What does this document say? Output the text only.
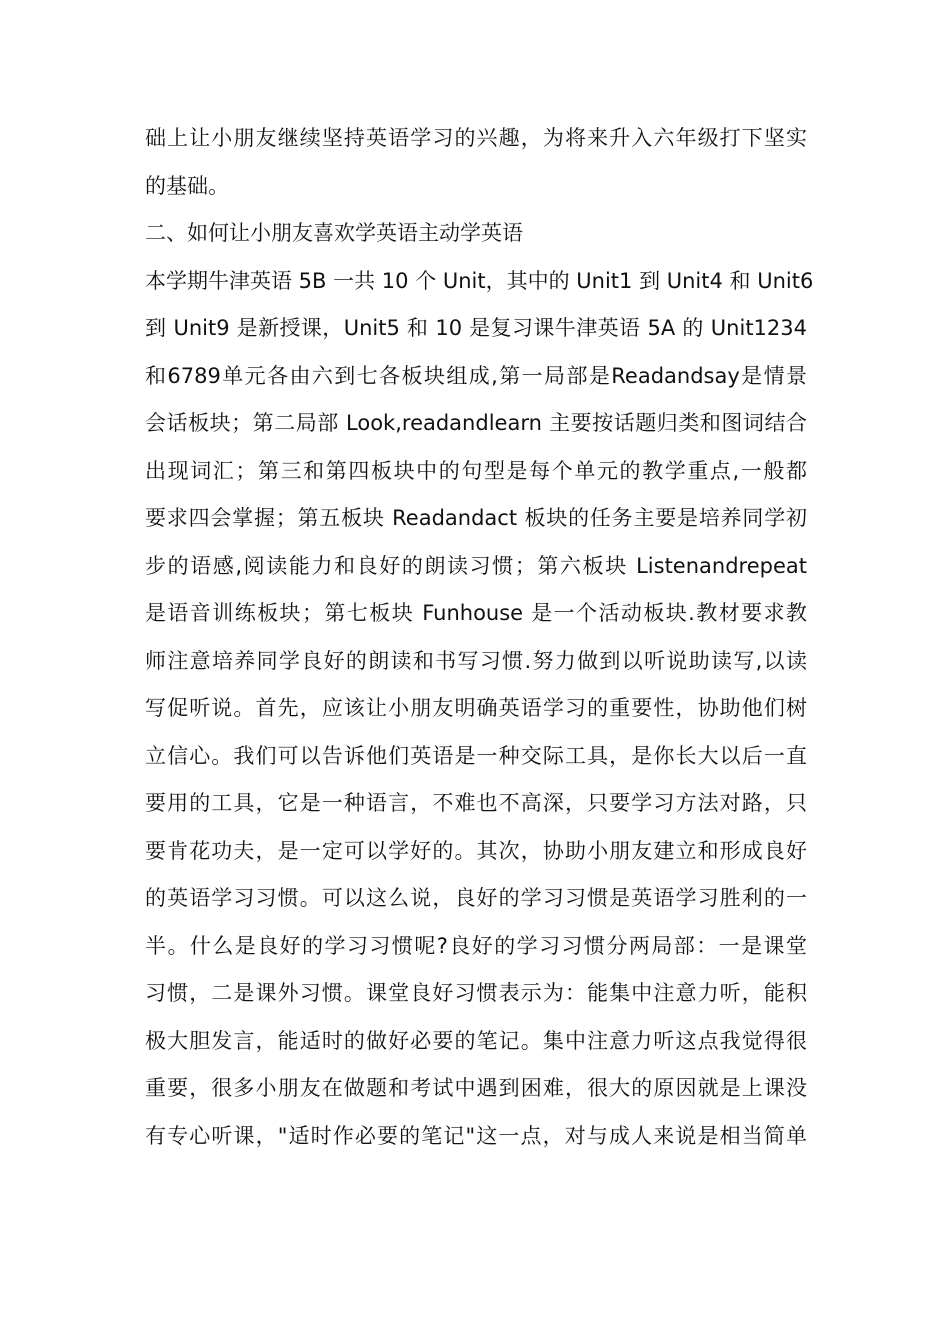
础上让小朋友继续坚持英语学习的兴趣，为将来升入六年级打下坚实
的基础。
二、如何让小朋友喜欢学英语主动学英语
本学期牛津英语 5B 一共 10 个 Unit，其中的 Unit1 到 Unit4 和 Unit6
到 Unit9 是新授课，Unit5 和 10 是复习课牛津英语 5A 的 Unit1234
和6789单元各由六到七各板块组成,第一局部是Readandsay是情景
会话板块；第二局部 Look,readandlearn 主要按话题归类和图词结合
出现词汇；第三和第四板块中的句型是每个单元的教学重点,一般都
要求四会掌握；第五板块 Readandact 板块的任务主要是培养同学初
步的语感,阅读能力和良好的朗读习惯；第六板块 Listenandrepeat
是语音训练板块；第七板块 Funhouse 是一个活动板块.教材要求教
师注意培养同学良好的朗读和书写习惯.努力做到以听说助读写,以读
写促听说。首先，应该让小朋友明确英语学习的重要性，协助他们树
立信心。我们可以告诉他们英语是一种交际工具，是你长大以后一直
要用的工具，它是一种语言，不难也不高深，只要学习方法对路，只
要肯花功夫，是一定可以学好的。其次，协助小朋友建立和形成良好
的英语学习习惯。可以这么说，良好的学习习惯是英语学习胜利的一
半。什么是良好的学习习惯呢?良好的学习习惯分两局部：一是课堂
习惯，二是课外习惯。课堂良好习惯表示为：能集中注意力听，能积
极大胆发言，能适时的做好必要的笔记。集中注意力听这点我觉得很
重要，很多小朋友在做题和考试中遇到困难，很大的原因就是上课没
有专心听课，"适时作必要的笔记"这一点，对与成人来说是相当简单
